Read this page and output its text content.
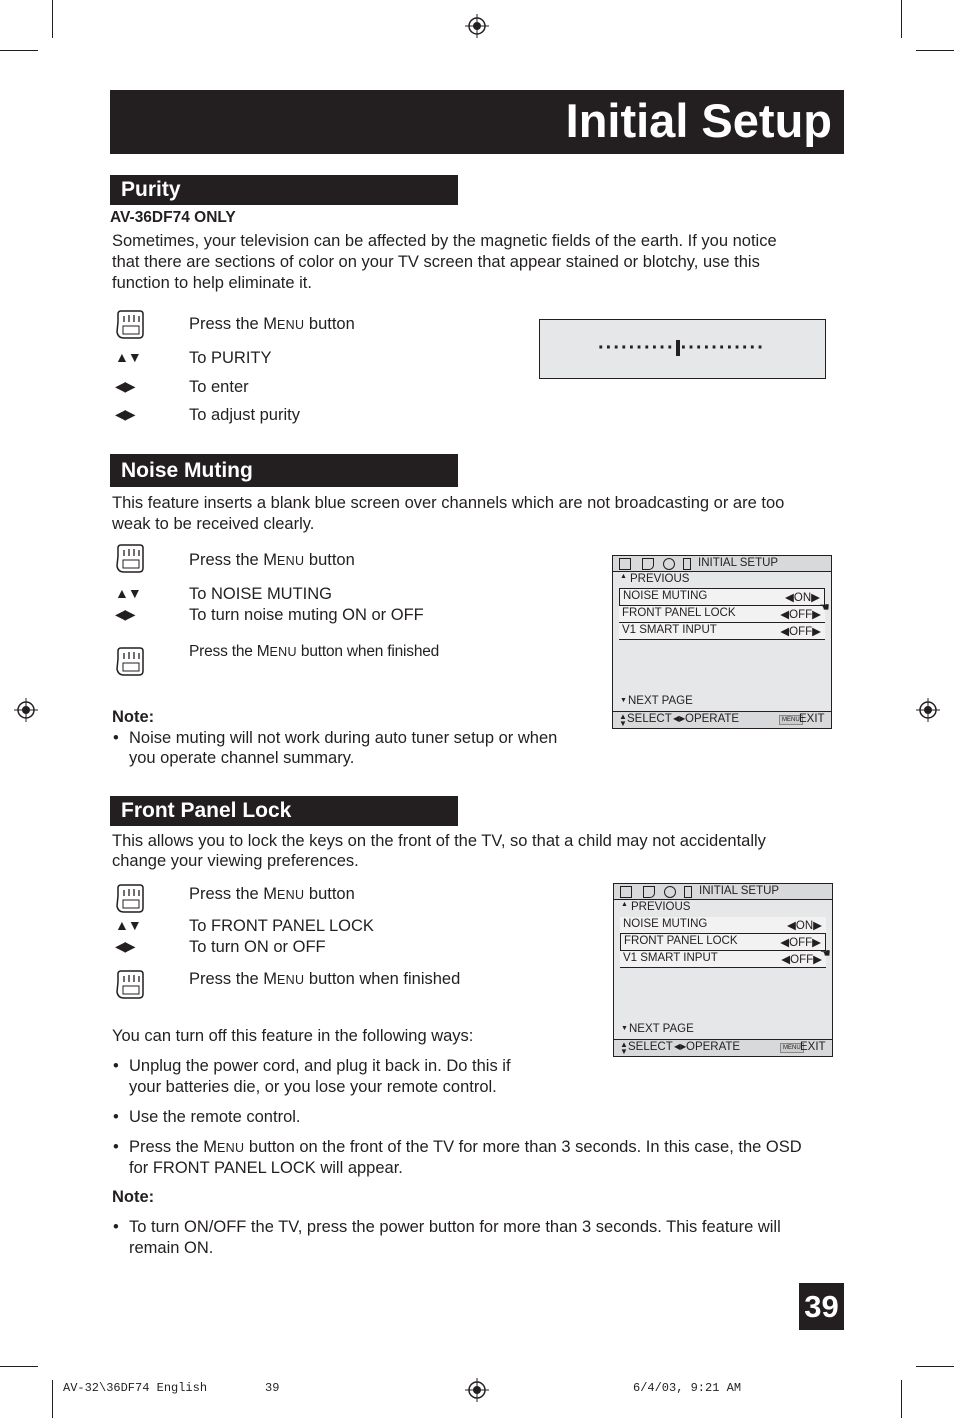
Initial Setup
Purity
AV-36DF74 ONLY
Sometimes, your television can be affected by the magnetic fields of the earth. If you notice
that there are sections of color on your TV screen that appear stained or blotchy, use this
function to help eliminate it.
Press the MENU button
▲▼	To PURITY
◀▶	To enter
◀▶	To adjust purity
·········· ···········
Noise Muting
This feature inserts a blank blue screen over channels which are not broadcasting or are too
weak to be received clearly.
Press the MENU button
▲▼	To NOISE MUTING
◀▶	To turn noise muting ON or OFF
Press the MENU button when finished
Note:
• Noise muting will not work during auto tuner setup or when
you operate channel summary.
INITIAL SETUP
▲ PREVIOUS
NOISE MUTING	◀ON▶
FRONT PANEL LOCK	◀OFF▶
V1 SMART INPUT	◀OFF▶
☚
▼ NEXT PAGE
▲
▼ SELECT ◀▶ OPERATE	MENU EXIT
Front Panel Lock
This allows you to lock the keys on the front of the TV, so that a child may not accidentally
change your viewing preferences.
Press the MENU button
▲▼	To FRONT PANEL LOCK
◀▶	To turn ON or OFF
Press the MENU button when finished
You can turn off this feature in the following ways:
• Unplug the power cord, and plug it back in. Do this if
your batteries die, or you lose your remote control.
• Use the remote control.
• Press the MENU button on the front of the TV for more than 3 seconds. In this case, the OSD
for FRONT PANEL LOCK will appear.
Note:
• To turn ON/OFF the TV, press the power button for more than 3 seconds. This feature will
remain ON.
INITIAL SETUP
▲ PREVIOUS
NOISE MUTING	◀ON▶
FRONT PANEL LOCK	◀OFF▶
V1 SMART INPUT	◀OFF▶
☚
▼ NEXT PAGE
▲
▼ SELECT ◀▶ OPERATE	MENU EXIT
39
AV-32\36DF74 English	39	6/4/03, 9:21 AM
